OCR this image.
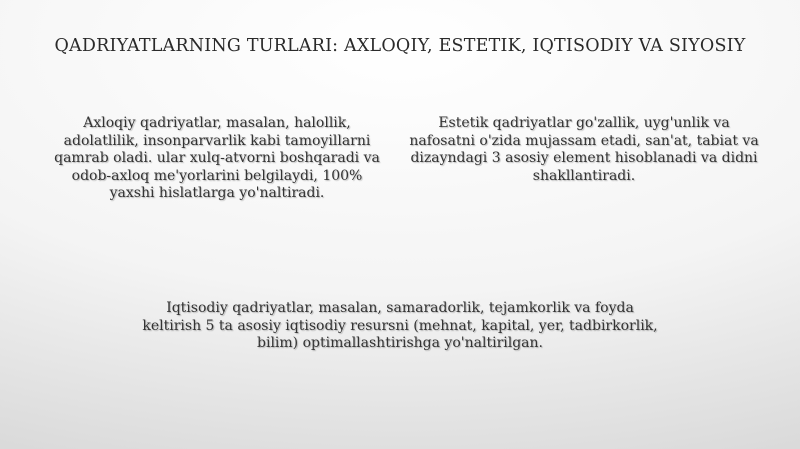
QADRIYATLARNING TURLARI: AXLOQIY, ESTETIK, IQTISODIY VA SIYOSIY
Axloqiy qadriyatlar, masalan, halollik, adolatlilik, insonparvarlik kabi tamoyillarni qamrab oladi. ular xulq-atvorni boshqaradi va odob-axloq me'yorlarini belgilaydi, 100% yaxshi hislatlarga yo'naltiradi.
Estetik qadriyatlar go'zallik, uyg'unlik va nafosatni o'zida mujassam etadi, san'at, tabiat va dizayndagi 3 asosiy element hisoblanadi va didni shakllantiradi.
Iqtisodiy qadriyatlar, masalan, samaradorlik, tejamkorlik va foyda keltirish 5 ta asosiy iqtisodiy resursni (mehnat, kapital, yer, tadbirkorlik, bilim) optimallashtirishga yo'naltirilgan.
